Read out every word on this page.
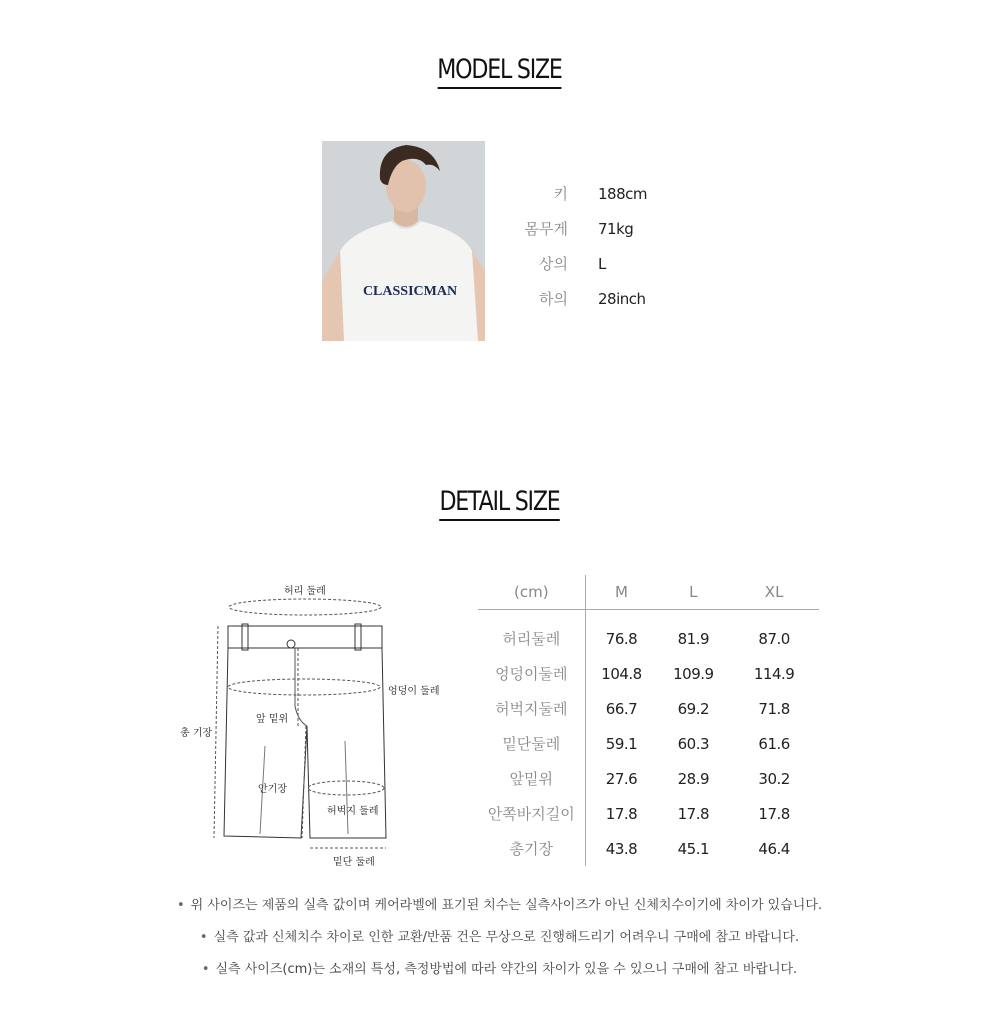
MODEL SIZE
CLASSICMAN
키 188cm
몸무게 71kg
상의 L
하의 28inch
DETAIL SIZE
허리 둘레
엉덩이 둘레
총 기장
앞 밑위
안기장
허벅지 둘레
밑단 둘레
(cm)	M	L	XL
허리둘레	76.8	81.9	87.0
엉덩이둘레	104.8	109.9	114.9
허벅지둘레	66.7	69.2	71.8
밑단둘레	59.1	60.3	61.6
앞밑위	27.6	28.9	30.2
안쪽바지길이	17.8	17.8	17.8
총기장	43.8	45.1	46.4
• 위 사이즈는 제품의 실측 값이며 케어라벨에 표기된 치수는 실측사이즈가 아닌 신체치수이기에 차이가 있습니다.
• 실측 값과 신체치수 차이로 인한 교환/반품 건은 무상으로 진행해드리기 어려우니 구매에 참고 바랍니다.
• 실측 사이즈(cm)는 소재의 특성, 측정방법에 따라 약간의 차이가 있을 수 있으니 구매에 참고 바랍니다.
